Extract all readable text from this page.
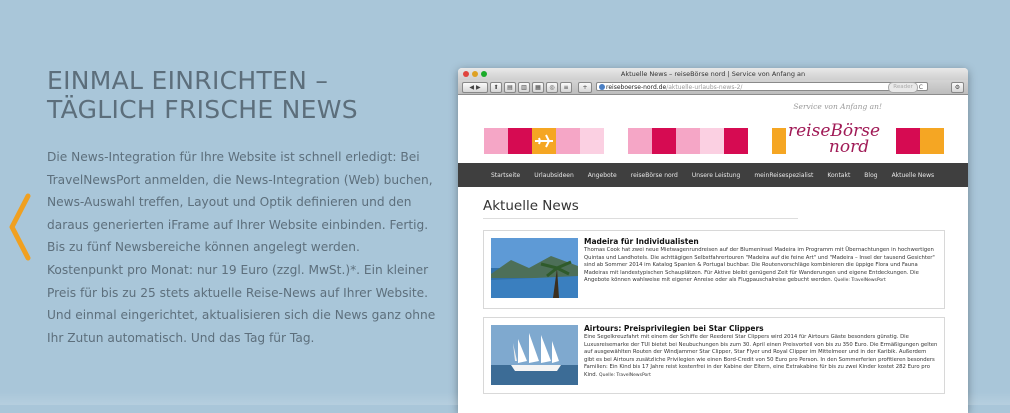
EINMAL EINRICHTEN –
TÄGLICH FRISCHE NEWS
Die News-Integration für Ihre Website ist schnell erledigt: Bei TravelNewsPort anmelden, die News-Integration (Web) buchen, News-Auswahl treffen, Layout und Optik definieren und den daraus generierten iFrame auf Ihrer Website einbinden. Fertig. Bis zu fünf Newsbereiche können angelegt werden. Kostenpunkt pro Monat: nur 19 Euro (zzgl. MwSt.)*. Ein kleiner Preis für bis zu 25 stets aktuelle Reise-News auf Ihrer Website. Und einmal eingerichtet, aktualisieren sich die News ganz ohne Ihr Zutun automatisch. Und das Tag für Tag.
Aktuelle News – reiseBörse nord | Service von Anfang an
◀ ▶	⬆	▤	▥	▦	◎	≡	+	reiseboerse-nord.de/aktuelle-urlaubs-news-2/	C
Reader	⚙
Service von Anfang an!
reiseBörse
nord
Startseite Urlaubsideen Angebote reiseBörse nord Unsere Leistung meinReisespezialist Kontakt Blog Aktuelle News
Aktuelle News
Madeira für Individualisten
Thomas Cook hat zwei neue Mietwagenrundreisen auf der Blumeninsel Madeira im Programm mit Übernachtungen in hochwertigen Quintas und Landhotels. Die achttägigen Selbstfahrertouren "Madeira auf die feine Art" und "Madeira – Insel der tausend Gesichter" sind ab Sommer 2014 im Katalog Spanien & Portugal buchbar. Die Routenvorschläge kombinieren die üppige Flora und Fauna Madeiras mit landestypischen Schauplätzen. Für Aktive bleibt genügend Zeit für Wanderungen und eigene Entdeckungen. Die Angebote können wahlweise mit eigener Anreise oder als Flugpauschalreise gebucht werden. Quelle: TravelNewsPort
Airtours: Preisprivilegien bei Star Clippers
Eine Segelkreuzfahrt mit einem der Schiffe der Reederei Star Clippers wird 2014 für Airtours Gäste besonders günstig. Die Luxusreisemarke der TUI bietet bei Neubuchungen bis zum 30. April einen Preisvorteil von bis zu 350 Euro. Die Ermäßigungen gelten auf ausgewählten Routen der Windjammer Star Clipper, Star Flyer und Royal Clipper im Mittelmeer und in der Karibik. Außerdem gibt es bei Airtours zusätzliche Privilegien wie einen Bord-Credit von 50 Euro pro Person. In den Sommerferien profitieren besonders Familien: Ein Kind bis 17 Jahre reist kostenfrei in der Kabine der Eltern, eine Extrakabine für bis zu zwei Kinder kostet 282 Euro pro Kind. Quelle: TravelNewsPort
